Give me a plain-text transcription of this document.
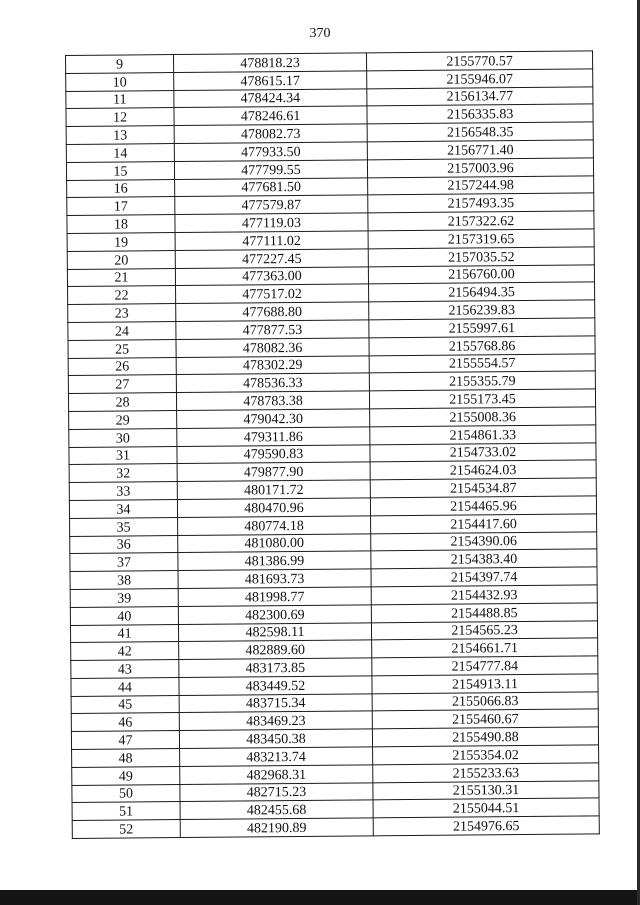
370
9	478818.23	2155770.57
10	478615.17	2155946.07
11	478424.34	2156134.77
12	478246.61	2156335.83
13	478082.73	2156548.35
14	477933.50	2156771.40
15	477799.55	2157003.96
16	477681.50	2157244.98
17	477579.87	2157493.35
18	477119.03	2157322.62
19	477111.02	2157319.65
20	477227.45	2157035.52
21	477363.00	2156760.00
22	477517.02	2156494.35
23	477688.80	2156239.83
24	477877.53	2155997.61
25	478082.36	2155768.86
26	478302.29	2155554.57
27	478536.33	2155355.79
28	478783.38	2155173.45
29	479042.30	2155008.36
30	479311.86	2154861.33
31	479590.83	2154733.02
32	479877.90	2154624.03
33	480171.72	2154534.87
34	480470.96	2154465.96
35	480774.18	2154417.60
36	481080.00	2154390.06
37	481386.99	2154383.40
38	481693.73	2154397.74
39	481998.77	2154432.93
40	482300.69	2154488.85
41	482598.11	2154565.23
42	482889.60	2154661.71
43	483173.85	2154777.84
44	483449.52	2154913.11
45	483715.34	2155066.83
46	483469.23	2155460.67
47	483450.38	2155490.88
48	483213.74	2155354.02
49	482968.31	2155233.63
50	482715.23	2155130.31
51	482455.68	2155044.51
52	482190.89	2154976.65
